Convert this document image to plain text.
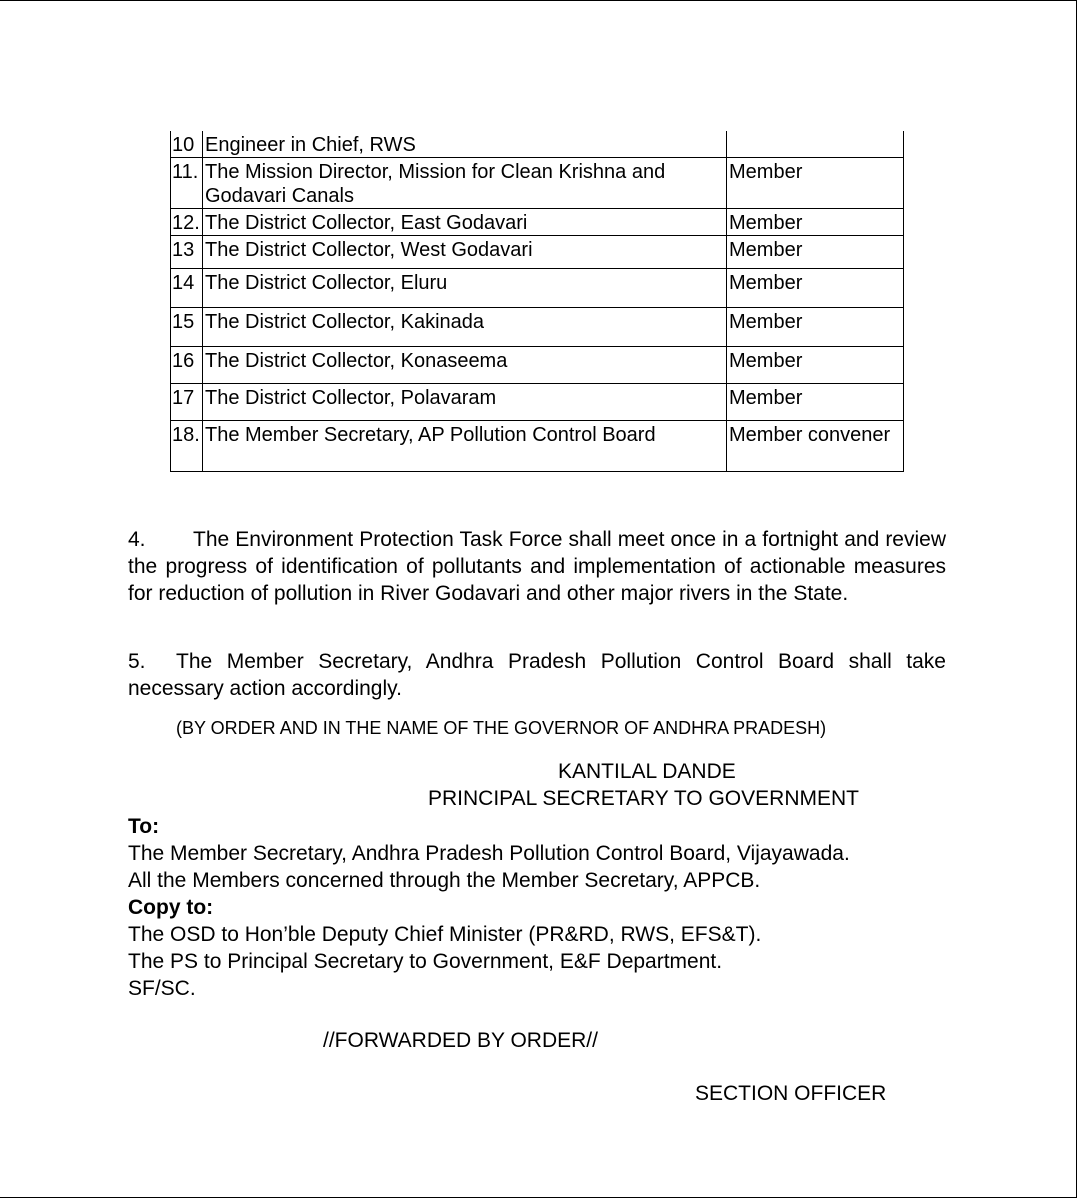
10	Engineer in Chief, RWS	
11.	The Mission Director, Mission for Clean Krishna and Godavari Canals	Member
12.	The District Collector, East Godavari	Member
13	The District Collector, West Godavari	Member
14	The District Collector, Eluru	Member
15	The District Collector, Kakinada	Member
16	The District Collector, Konaseema	Member
17	The District Collector, Polavaram	Member
18.	The Member Secretary, AP Pollution Control Board	Member convener

4. The Environment Protection Task Force shall meet once in a fortnight and review the progress of identification of pollutants and implementation of actionable measures for reduction of pollution in River Godavari and other major rivers in the State.

5. The Member Secretary, Andhra Pradesh Pollution Control Board shall take necessary action accordingly.

(BY ORDER AND IN THE NAME OF THE GOVERNOR OF ANDHRA PRADESH)

KANTILAL DANDE

PRINCIPAL SECRETARY TO GOVERNMENT

To:

The Member Secretary, Andhra Pradesh Pollution Control Board, Vijayawada.

All the Members concerned through the Member Secretary, APPCB.

Copy to:

The OSD to Hon’ble Deputy Chief Minister (PR&RD, RWS, EFS&T).

The PS to Principal Secretary to Government, E&F Department.

SF/SC.

//FORWARDED BY ORDER//

SECTION OFFICER
